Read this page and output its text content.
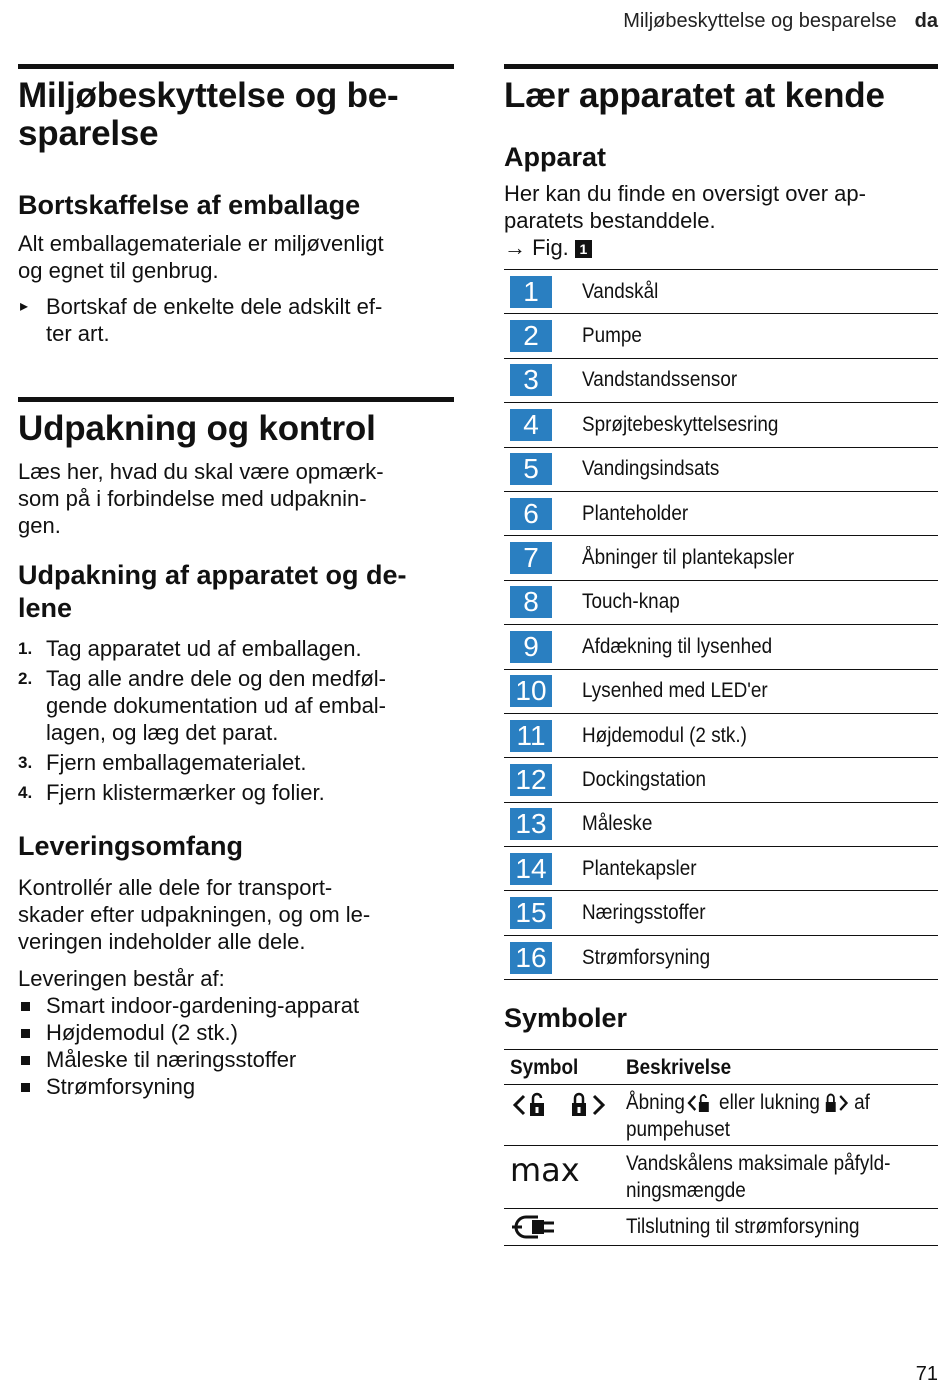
Miljøbeskyttelse og besparelse da
Miljøbeskyttelse og be-
sparelse
Bortskaffelse af emballage

Alt emballagemateriale er miljøvenligt
og egnet til genbrug.

▸ Bortskaf de enkelte dele adskilt ef-
ter art.
Udpakning og kontrol

Læs her, hvad du skal være opmærk-
som på i forbindelse med udpaknin-
gen.

Udpakning af apparatet og de-
lene
1. Tag apparatet ud af emballagen.
2. Tag alle andre dele og den medføl-
gende dokumentation ud af embal-
lagen, og læg det parat.
3. Fjern emballagematerialet.
4. Fjern klistermærker og folier.
Leveringsomfang

Kontrollér alle dele for transport-
skader efter udpakningen, og om le-
veringen indeholder alle dele.

Leveringen består af:

Smart indoor-gardening-apparat
Højdemodul (2 stk.)
Måleske til næringsstoffer
Strømforsyning
Lær apparatet at kende
Apparat

Her kan du finde en oversigt over ap-
paratets bestanddele.
→ Fig. 1

1	Vandskål
2	Pumpe
3	Vandstandssensor
4	Sprøjtebeskyttelsesring
5	Vandingsindsats
6	Planteholder
7	Åbninger til plantekapsler
8	Touch-knap
9	Afdækning til lysenhed
10 Lysenhed med LED'er
11	Højdemodul (2 stk.)
12 Dockingstation
13 Måleske
14 Plantekapsler
15 Næringsstoffer
16 Strømforsyning
Symboler
Symbol	Beskrivelse
Åbning eller lukning af

pumpehuset
max	Vandskålens maksimale påfyld-
ningsmængde
Tilslutning til strømforsyning
71
